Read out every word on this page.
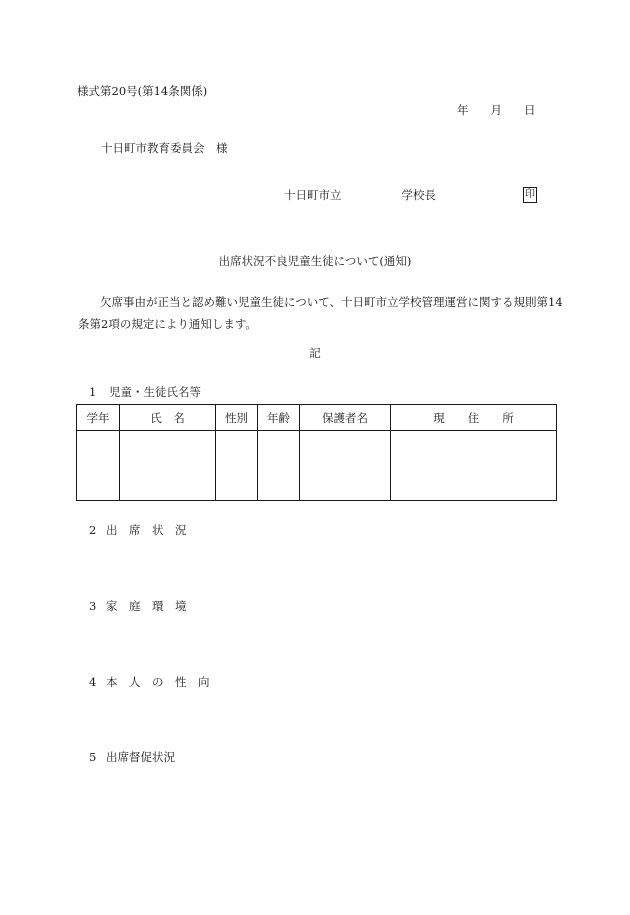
様式第20号(第14条関係)
年 月 日
十日町市教育委員会　様
十日町市立	学校長	印
出席状況不良児童生徒について(通知)
欠席事由が正当と認め難い児童生徒について、十日町市立学校管理運営に関する規則第14条第2項の規定により通知します。
記
1 児童・生徒氏名等
学年	氏　名	性別	年齢	保護者名	現　　住　　所

2 出　席　状　況
3 家　庭　環　境
4 本　人　の　性　向
5 出席督促状況
